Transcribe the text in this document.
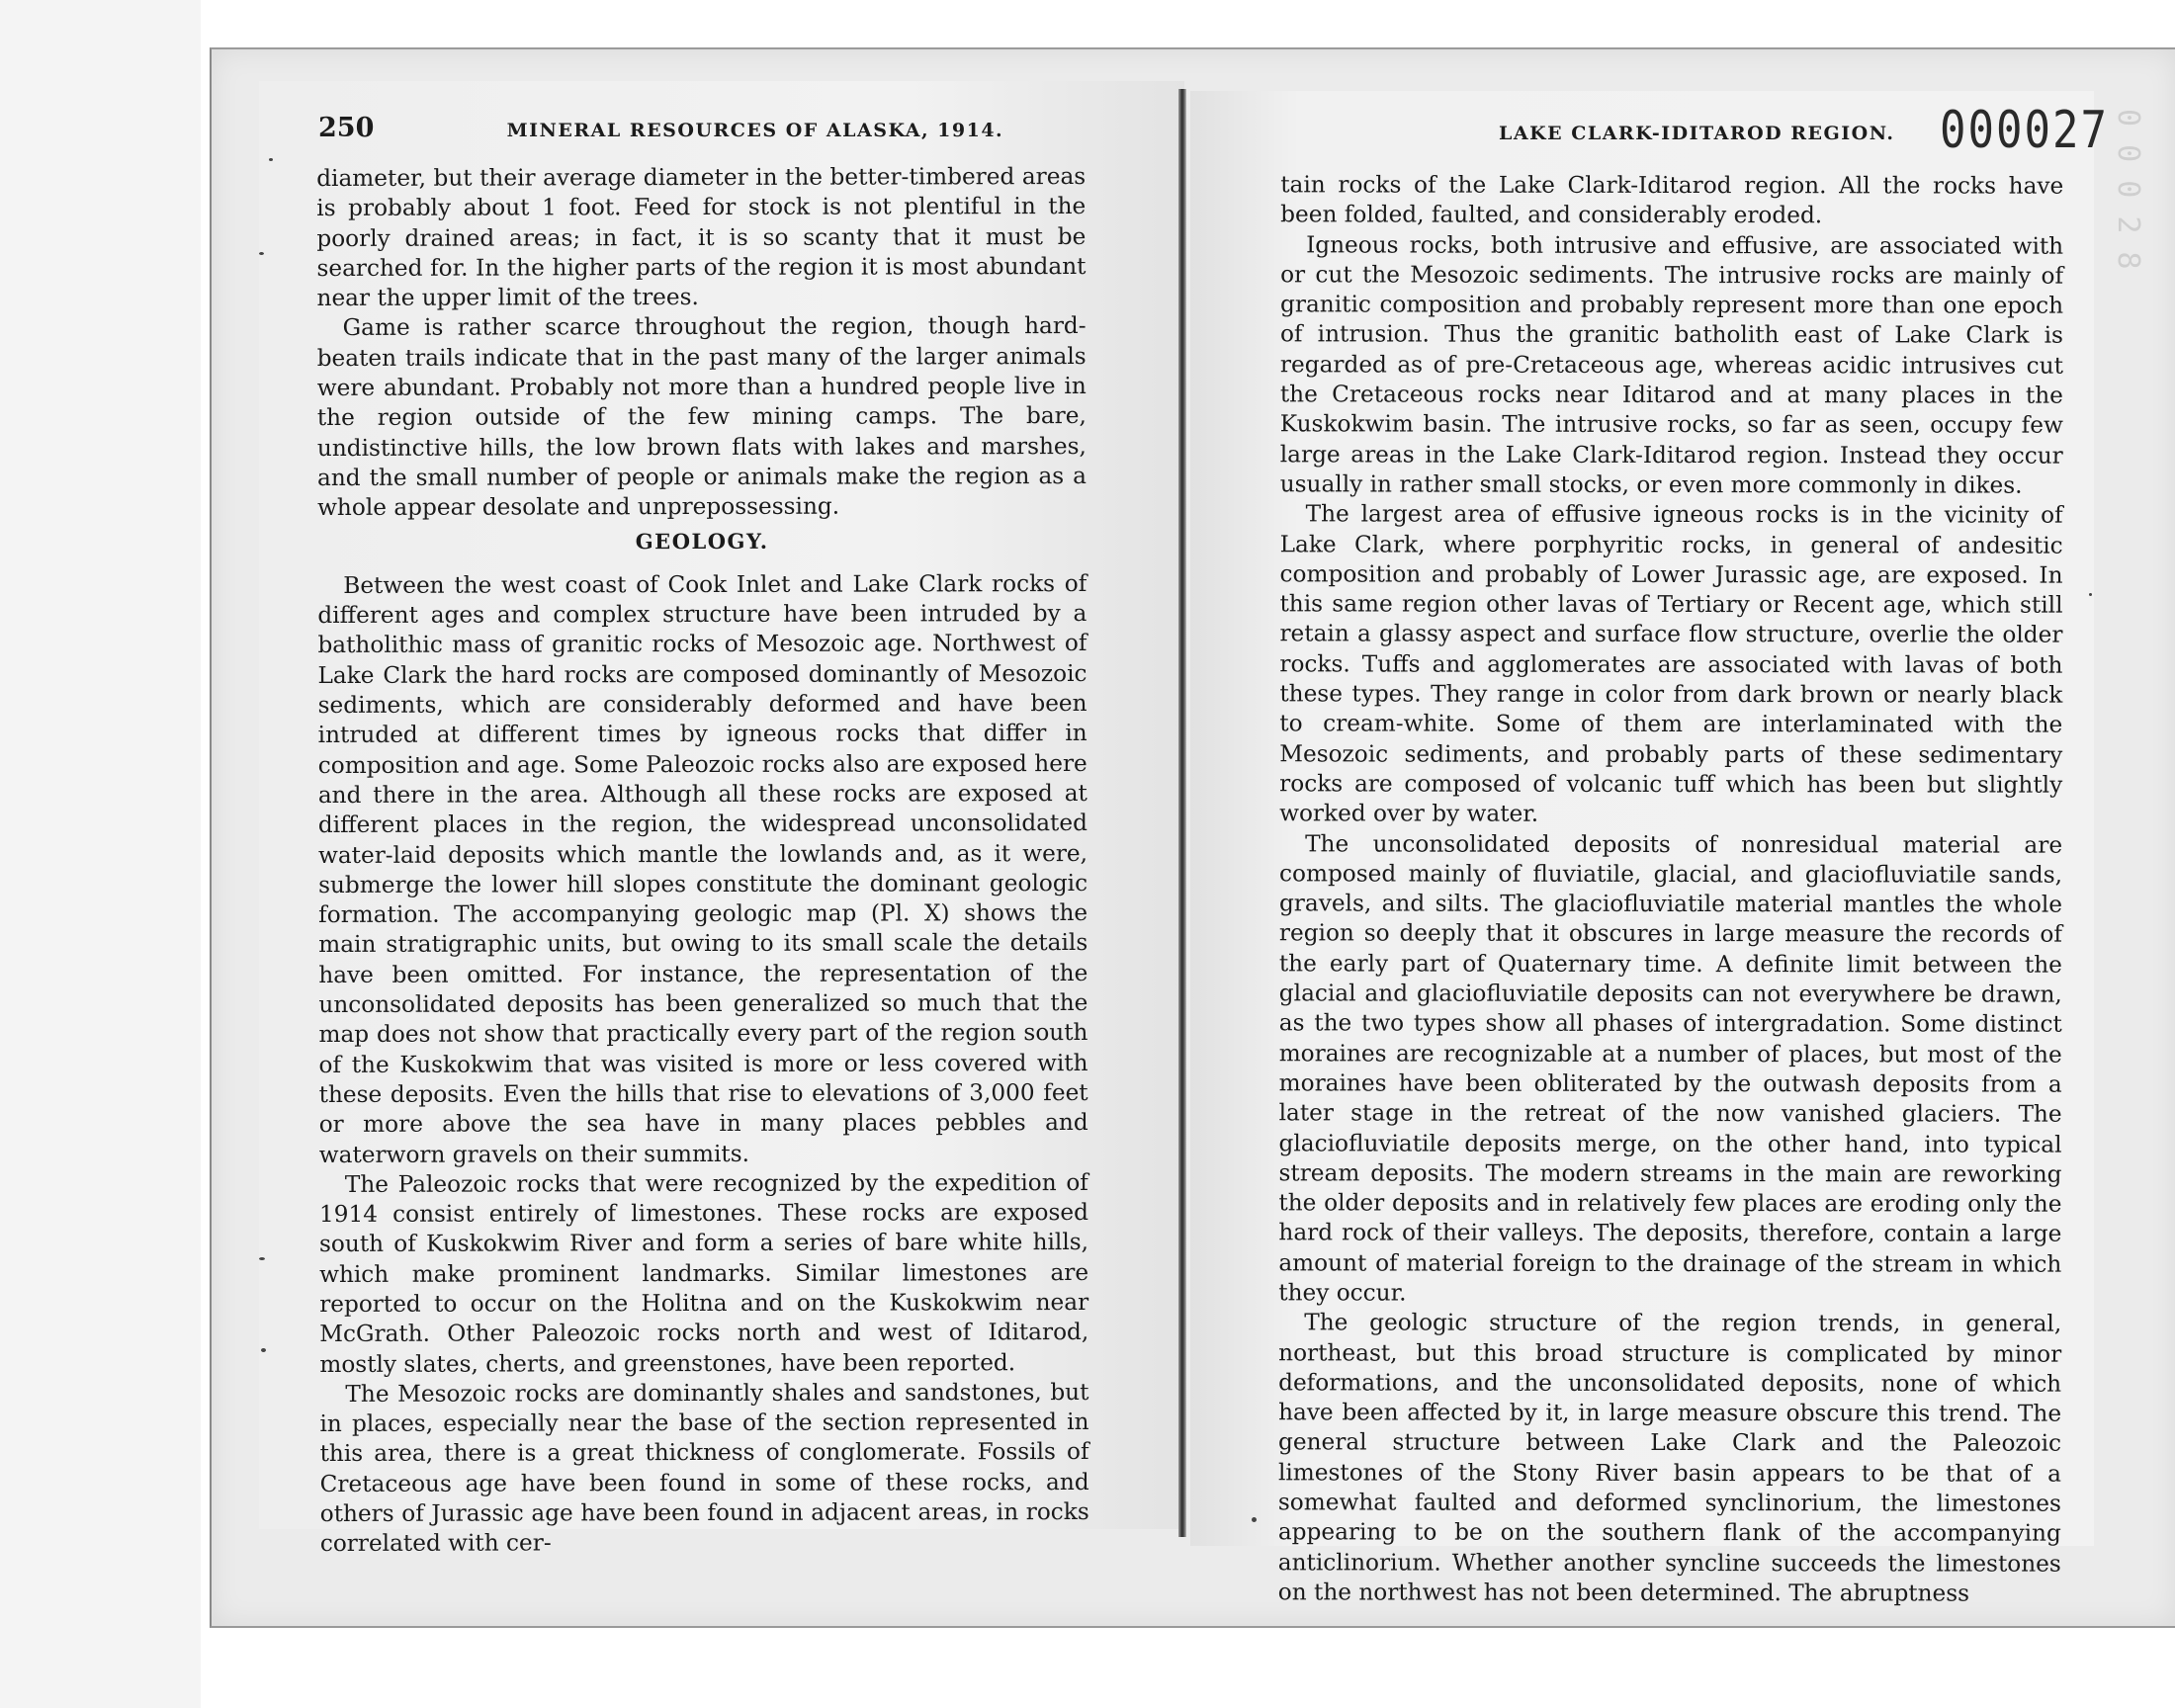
250	MINERAL RESOURCES OF ALASKA, 1914.

diameter, but their average diameter in the better-timbered areas is probably about 1 foot. Feed for stock is not plentiful in the poorly drained areas; in fact, it is so scanty that it must be searched for. In the higher parts of the region it is most abundant near the upper limit of the trees.

Game is rather scarce throughout the region, though hard-beaten trails indicate that in the past many of the larger animals were abundant. Probably not more than a hundred people live in the region outside of the few mining camps. The bare, undistinctive hills, the low brown flats with lakes and marshes, and the small number of people or animals make the region as a whole appear desolate and unprepossessing.

GEOLOGY.

Between the west coast of Cook Inlet and Lake Clark rocks of different ages and complex structure have been intruded by a batholithic mass of granitic rocks of Mesozoic age. Northwest of Lake Clark the hard rocks are composed dominantly of Mesozoic sediments, which are considerably deformed and have been intruded at different times by igneous rocks that differ in composition and age. Some Paleozoic rocks also are exposed here and there in the area. Although all these rocks are exposed at different places in the region, the widespread unconsolidated water-laid deposits which mantle the lowlands and, as it were, submerge the lower hill slopes constitute the dominant geologic formation. The accompanying geologic map (Pl. X) shows the main stratigraphic units, but owing to its small scale the details have been omitted. For instance, the representation of the unconsolidated deposits has been generalized so much that the map does not show that practically every part of the region south of the Kuskokwim that was visited is more or less covered with these deposits. Even the hills that rise to elevations of 3,000 feet or more above the sea have in many places pebbles and waterworn gravels on their summits.

The Paleozoic rocks that were recognized by the expedition of 1914 consist entirely of limestones. These rocks are exposed south of Kuskokwim River and form a series of bare white hills, which make prominent landmarks. Similar limestones are reported to occur on the Holitna and on the Kuskokwim near McGrath. Other Paleozoic rocks north and west of Iditarod, mostly slates, cherts, and greenstones, have been reported.

The Mesozoic rocks are dominantly shales and sandstones, but in places, especially near the base of the section represented in this area, there is a great thickness of conglomerate. Fossils of Cretaceous age have been found in some of these rocks, and others of Jurassic age have been found in adjacent areas, in rocks correlated with cer-

LAKE CLARK-IDITAROD REGION. 000027 0 0 0 2 8

tain rocks of the Lake Clark-Iditarod region. All the rocks have been folded, faulted, and considerably eroded.

Igneous rocks, both intrusive and effusive, are associated with or cut the Mesozoic sediments. The intrusive rocks are mainly of granitic composition and probably represent more than one epoch of intrusion. Thus the granitic batholith east of Lake Clark is regarded as of pre-Cretaceous age, whereas acidic intrusives cut the Cretaceous rocks near Iditarod and at many places in the Kuskokwim basin. The intrusive rocks, so far as seen, occupy few large areas in the Lake Clark-Iditarod region. Instead they occur usually in rather small stocks, or even more commonly in dikes.

The largest area of effusive igneous rocks is in the vicinity of Lake Clark, where porphyritic rocks, in general of andesitic composition and probably of Lower Jurassic age, are exposed. In this same region other lavas of Tertiary or Recent age, which still retain a glassy aspect and surface flow structure, overlie the older rocks. Tuffs and agglomerates are associated with lavas of both these types. They range in color from dark brown or nearly black to cream-white. Some of them are interlaminated with the Mesozoic sediments, and probably parts of these sedimentary rocks are composed of volcanic tuff which has been but slightly worked over by water.

The unconsolidated deposits of nonresidual material are composed mainly of fluviatile, glacial, and glaciofluviatile sands, gravels, and silts. The glaciofluviatile material mantles the whole region so deeply that it obscures in large measure the records of the early part of Quaternary time. A definite limit between the glacial and glaciofluviatile deposits can not everywhere be drawn, as the two types show all phases of intergradation. Some distinct moraines are recognizable at a number of places, but most of the moraines have been obliterated by the outwash deposits from a later stage in the retreat of the now vanished glaciers. The glaciofluviatile deposits merge, on the other hand, into typical stream deposits. The modern streams in the main are reworking the older deposits and in relatively few places are eroding only the hard rock of their valleys. The deposits, therefore, contain a large amount of material foreign to the drainage of the stream in which they occur.

The geologic structure of the region trends, in general, northeast, but this broad structure is complicated by minor deformations, and the unconsolidated deposits, none of which have been affected by it, in large measure obscure this trend. The general structure between Lake Clark and the Paleozoic limestones of the Stony River basin appears to be that of a somewhat faulted and deformed synclinorium, the limestones appearing to be on the southern flank of the accompanying anticlinorium. Whether another syncline succeeds the limestones on the northwest has not been determined. The abruptness
